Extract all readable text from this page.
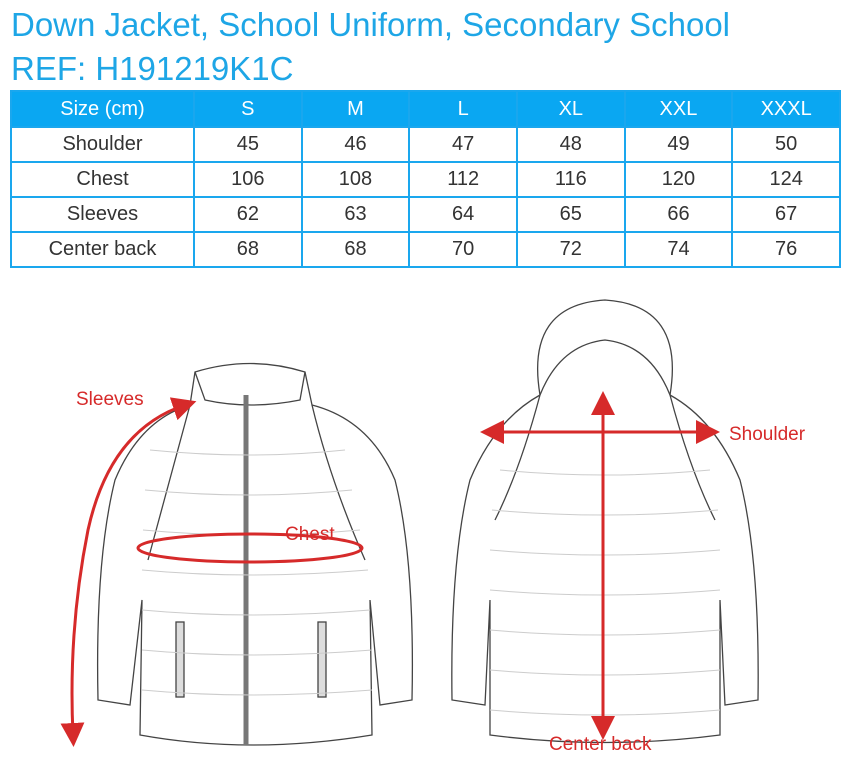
Down Jacket, School Uniform, Secondary School
REF: H191219K1C
Size (cm)	S	M	L	XL	XXL	XXXL
Shoulder	45	46	47	48	49	50
Chest	106	108	112	116	120	124
Sleeves	62	63	64	65	66	67
Center back	68	68	70	72	74	76
Sleeves
Chest
Shoulder
Center back
